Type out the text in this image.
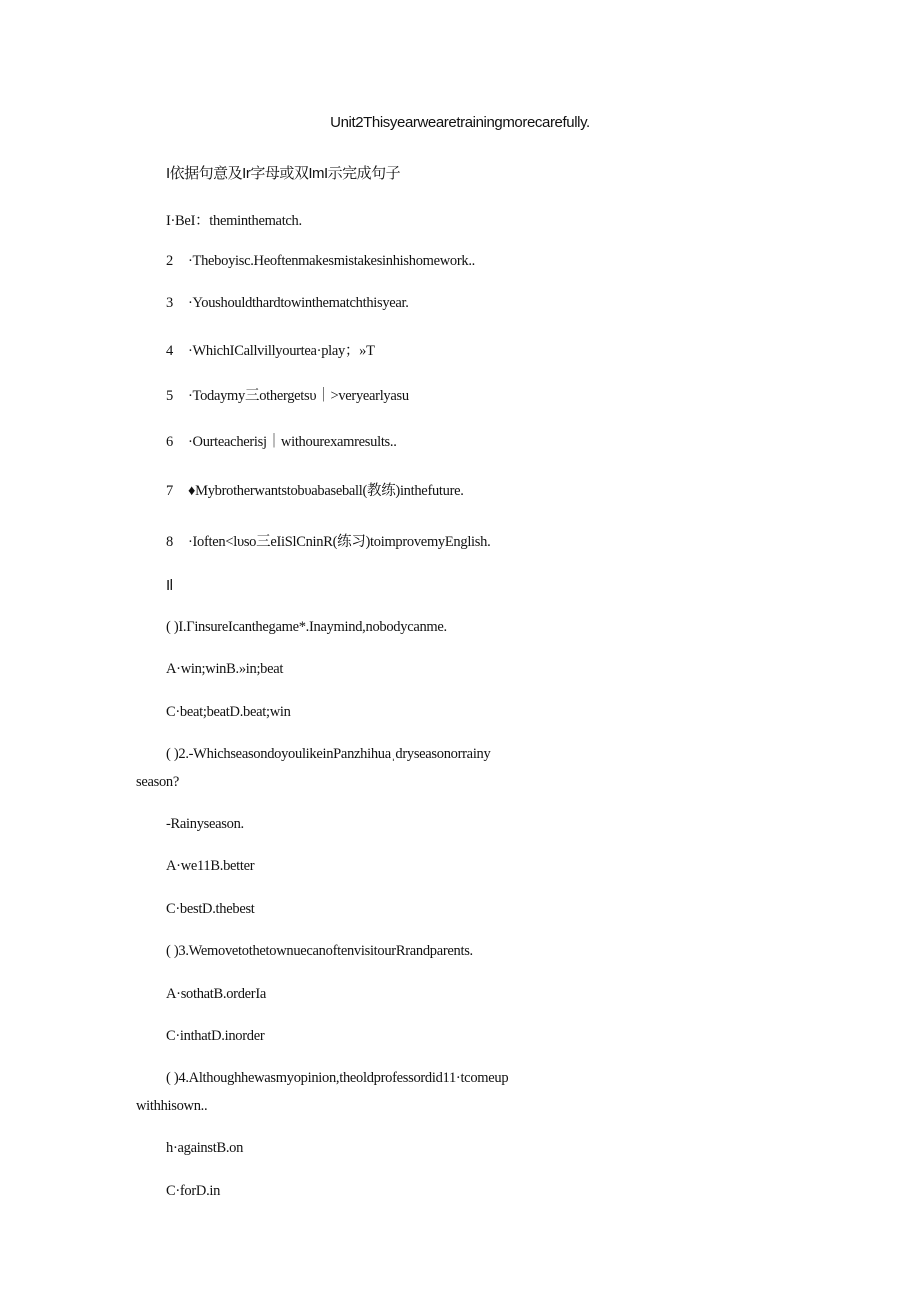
Unit2Thisyearwearetrainingmorecarefully.
I依据句意及Ir字母或双ImI示完成句子
I·BeI：theminthematch.
2 ·Theboyisc.Heoftenmakesmistakesinhishomework..
3 ·Youshouldthardtowinthematchthisyear.
4 ·WhichICallvillyourtea·play；»T
5 ·Todaymy三othergetsυ｜>veryearlyasu
6 ·Ourteacherisj｜withourexamresults..
7 ♦Mybrotherwantstobυabaseball(教练)inthefuture.
8 ·Ioften<lυso三eIiSlCninR(练习)toimprovemyEnglish.
Il
( )I.ΓinsureIcanthegame*.Inaymind,nobodycanme.
A·win;winB.»in;beat
C·beat;beatD.beat;win
( )2.-WhichseasondoyoulikeinPanzhihuaˌdryseasonorrainy
season?
-Rainyseason.
A·we11B.better
C·bestD.thebest
( )3.WemovetothetownuecanoftenvisitourRrandparents.
A·sothatB.orderIa
C·inthatD.inorder
( )4.Althoughhewasmyopinion,theoldprofessordid11·tcomeup
withhisown..
h·againstB.on
C·forD.in
